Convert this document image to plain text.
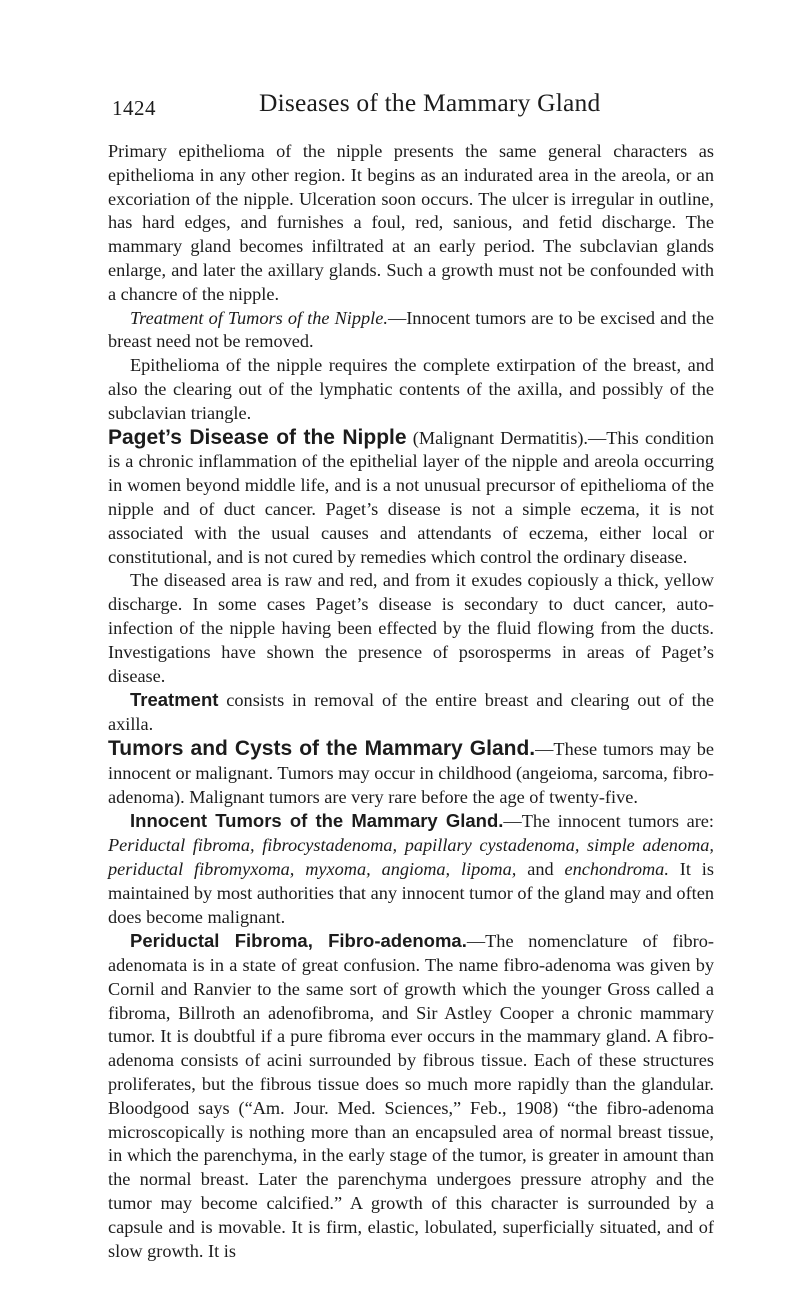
1424	Diseases of the Mammary Gland

Primary epithelioma of the nipple presents the same general characters as epithelioma in any other region. It begins as an indurated area in the areola, or an excoriation of the nipple. Ulceration soon occurs. The ulcer is irregular in outline, has hard edges, and furnishes a foul, red, sanious, and fetid discharge. The mammary gland becomes infiltrated at an early period. The subclavian glands enlarge, and later the axillary glands. Such a growth must not be confounded with a chancre of the nipple.

Treatment of Tumors of the Nipple.—Innocent tumors are to be excised and the breast need not be removed.

Epithelioma of the nipple requires the complete extirpation of the breast, and also the clearing out of the lymphatic contents of the axilla, and possibly of the subclavian triangle.

Paget’s Disease of the Nipple (Malignant Dermatitis).—This condition is a chronic inflammation of the epithelial layer of the nipple and areola occurring in women beyond middle life, and is a not unusual precursor of epithelioma of the nipple and of duct cancer. Paget’s disease is not a simple eczema, it is not associated with the usual causes and attendants of eczema, either local or constitutional, and is not cured by remedies which control the ordinary disease.

The diseased area is raw and red, and from it exudes copiously a thick, yellow discharge. In some cases Paget’s disease is secondary to duct cancer, auto-infection of the nipple having been effected by the fluid flowing from the ducts. Investigations have shown the presence of psorosperms in areas of Paget’s disease.

Treatment consists in removal of the entire breast and clearing out of the axilla.

Tumors and Cysts of the Mammary Gland.—These tumors may be innocent or malignant. Tumors may occur in childhood (angeioma, sarcoma, fibro-adenoma). Malignant tumors are very rare before the age of twenty-five.

Innocent Tumors of the Mammary Gland.—The innocent tumors are: Periductal fibroma, fibrocystadenoma, papillary cystadenoma, simple adenoma, periductal fibromyxoma, myxoma, angioma, lipoma, and enchondroma. It is maintained by most authorities that any innocent tumor of the gland may and often does become malignant.

Periductal Fibroma, Fibro-adenoma.—The nomenclature of fibro-adenomata is in a state of great confusion. The name fibro-adenoma was given by Cornil and Ranvier to the same sort of growth which the younger Gross called a fibroma, Billroth an adenofibroma, and Sir Astley Cooper a chronic mammary tumor. It is doubtful if a pure fibroma ever occurs in the mammary gland. A fibro-adenoma consists of acini surrounded by fibrous tissue. Each of these structures proliferates, but the fibrous tissue does so much more rapidly than the glandular. Bloodgood says (“Am. Jour. Med. Sciences,” Feb., 1908) “the fibro-adenoma microscopically is nothing more than an encapsuled area of normal breast tissue, in which the parenchyma, in the early stage of the tumor, is greater in amount than the normal breast. Later the parenchyma undergoes pressure atrophy and the tumor may become calcified.” A growth of this character is surrounded by a capsule and is movable. It is firm, elastic, lobulated, superficially situated, and of slow growth. It is
